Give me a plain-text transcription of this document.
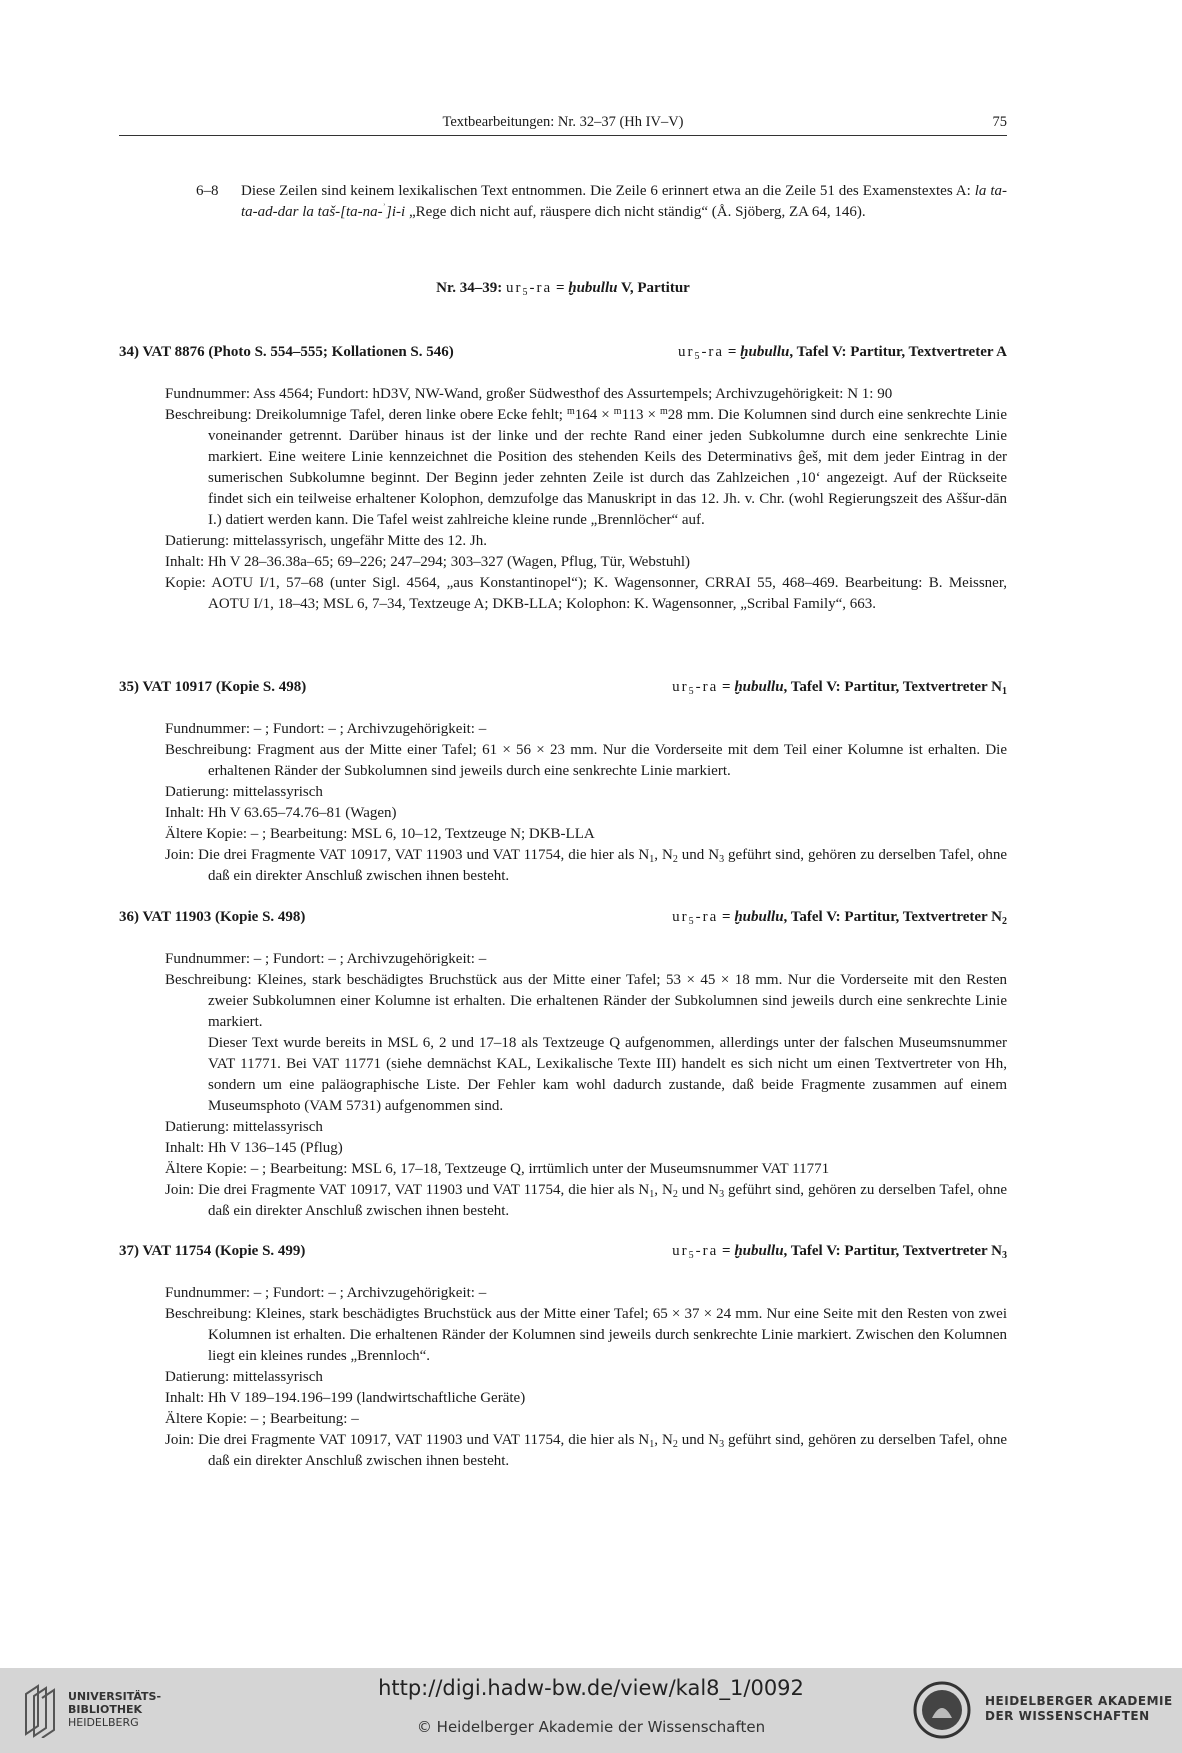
Textbearbeitungen: Nr. 32–37 (Hh IV–V)	75
6–8 Diese Zeilen sind keinem lexikalischen Text entnommen. Die Zeile 6 erinnert etwa an die Zeile 51 des Examenstextes A: la ta-ta-ad-dar la taš-[ta-na-$^ʾ$]i-i „Rege dich nicht auf, räuspere dich nicht ständig“ (Å. Sjöberg, ZA 64, 146).
Nr. 34–39: $ur_5-ra$ = ḫubullu V, Partitur
34) VAT 8876 (Photo S. 554–555; Kollationen S. 546)	$ur_5-ra$ = ḫubullu, Tafel V: Partitur, Textvertreter A

Fundnummer: Ass 4564; Fundort: hD3V, NW-Wand, großer Südwesthof des Assurtempels; Archivzugehörigkeit: N 1: 90

Beschreibung: Dreikolumnige Tafel, deren linke obere Ecke fehlt; $^m$164 × $^m$113 × $^m$28 mm. Die Kolumnen sind durch eine senkrechte Linie voneinander getrennt. Darüber hinaus ist der linke und der rechte Rand einer jeden Subkolumne durch eine senkrechte Linie markiert. Eine weitere Linie kennzeichnet die Position des stehenden Keils des Determinativs ĝeš, mit dem jeder Eintrag in der sumerischen Subkolumne beginnt. Der Beginn jeder zehnten Zeile ist durch das Zahlzeichen ‚10‘ angezeigt. Auf der Rückseite findet sich ein teilweise erhaltener Kolophon, demzufolge das Manuskript in das 12. Jh. v. Chr. (wohl Regierungszeit des Aššur-dān I.) datiert werden kann. Die Tafel weist zahlreiche kleine runde „Brennlöcher“ auf.

Datierung: mittelassyrisch, ungefähr Mitte des 12. Jh.

Inhalt: Hh V 28–36.38a–65; 69–226; 247–294; 303–327 (Wagen, Pflug, Tür, Webstuhl)

Kopie: AOTU I/1, 57–68 (unter Sigl. 4564, „aus Konstantinopel“); K. Wagensonner, CRRAI 55, 468–469. Bearbeitung: B. Meissner, AOTU I/1, 18–43; MSL 6, 7–34, Textzeuge A; DKB-LLA; Kolophon: K. Wagensonner, „Scribal Family“, 663.

35) VAT 10917 (Kopie S. 498)	$ur_5-ra$ = ḫubullu, Tafel V: Partitur, Textvertreter $N_1$

Fundnummer: – ; Fundort: – ; Archivzugehörigkeit: –

Beschreibung: Fragment aus der Mitte einer Tafel; 61 × 56 × 23 mm. Nur die Vorderseite mit dem Teil einer Kolumne ist erhalten. Die erhaltenen Ränder der Subkolumnen sind jeweils durch eine senkrechte Linie markiert.

Datierung: mittelassyrisch

Inhalt: Hh V 63.65–74.76–81 (Wagen)

Ältere Kopie: – ; Bearbeitung: MSL 6, 10–12, Textzeuge N; DKB-LLA

Join: Die drei Fragmente VAT 10917, VAT 11903 und VAT 11754, die hier als $N_1$, $N_2$ und $N_3$ geführt sind, gehören zu derselben Tafel, ohne daß ein direkter Anschluß zwischen ihnen besteht.

36) VAT 11903 (Kopie S. 498)	$ur_5-ra$ = ḫubullu, Tafel V: Partitur, Textvertreter $N_2$

Fundnummer: – ; Fundort: – ; Archivzugehörigkeit: –

Beschreibung: Kleines, stark beschädigtes Bruchstück aus der Mitte einer Tafel; 53 × 45 × 18 mm. Nur die Vorderseite mit den Resten zweier Subkolumnen einer Kolumne ist erhalten. Die erhaltenen Ränder der Subkolumnen sind jeweils durch eine senkrechte Linie markiert.

Dieser Text wurde bereits in MSL 6, 2 und 17–18 als Textzeuge Q aufgenommen, allerdings unter der falschen Museumsnummer VAT 11771. Bei VAT 11771 (siehe demnächst KAL, Lexikalische Texte III) handelt es sich nicht um einen Textvertreter von Hh, sondern um eine paläographische Liste. Der Fehler kam wohl dadurch zustande, daß beide Fragmente zusammen auf einem Museumsphoto (VAM 5731) aufgenommen sind.

Datierung: mittelassyrisch

Inhalt: Hh V 136–145 (Pflug)

Ältere Kopie: – ; Bearbeitung: MSL 6, 17–18, Textzeuge Q, irrtümlich unter der Museumsnummer VAT 11771

Join: Die drei Fragmente VAT 10917, VAT 11903 und VAT 11754, die hier als $N_1$, $N_2$ und $N_3$ geführt sind, gehören zu derselben Tafel, ohne daß ein direkter Anschluß zwischen ihnen besteht.

37) VAT 11754 (Kopie S. 499)	$ur_5-ra$ = ḫubullu, Tafel V: Partitur, Textvertreter $N_3$

Fundnummer: – ; Fundort: – ; Archivzugehörigkeit: –

Beschreibung: Kleines, stark beschädigtes Bruchstück aus der Mitte einer Tafel; 65 × 37 × 24 mm. Nur eine Seite mit den Resten von zwei Kolumnen ist erhalten. Die erhaltenen Ränder der Kolumnen sind jeweils durch senkrechte Linie markiert. Zwischen den Kolumnen liegt ein kleines rundes „Brennloch“.

Datierung: mittelassyrisch

Inhalt: Hh V 189–194.196–199 (landwirtschaftliche Geräte)

Ältere Kopie: – ; Bearbeitung: –

Join: Die drei Fragmente VAT 10917, VAT 11903 und VAT 11754, die hier als $N_1$, $N_2$ und $N_3$ geführt sind, gehören zu derselben Tafel, ohne daß ein direkter Anschluß zwischen ihnen besteht.

UNIVERSITÄTS-
BIBLIOTHEK
HEIDELBERG
http://digi.hadw-bw.de/view/kal8_1/0092
© Heidelberger Akademie der Wissenschaften
HEIDELBERGER AKADEMIE
DER WISSENSCHAFTEN
